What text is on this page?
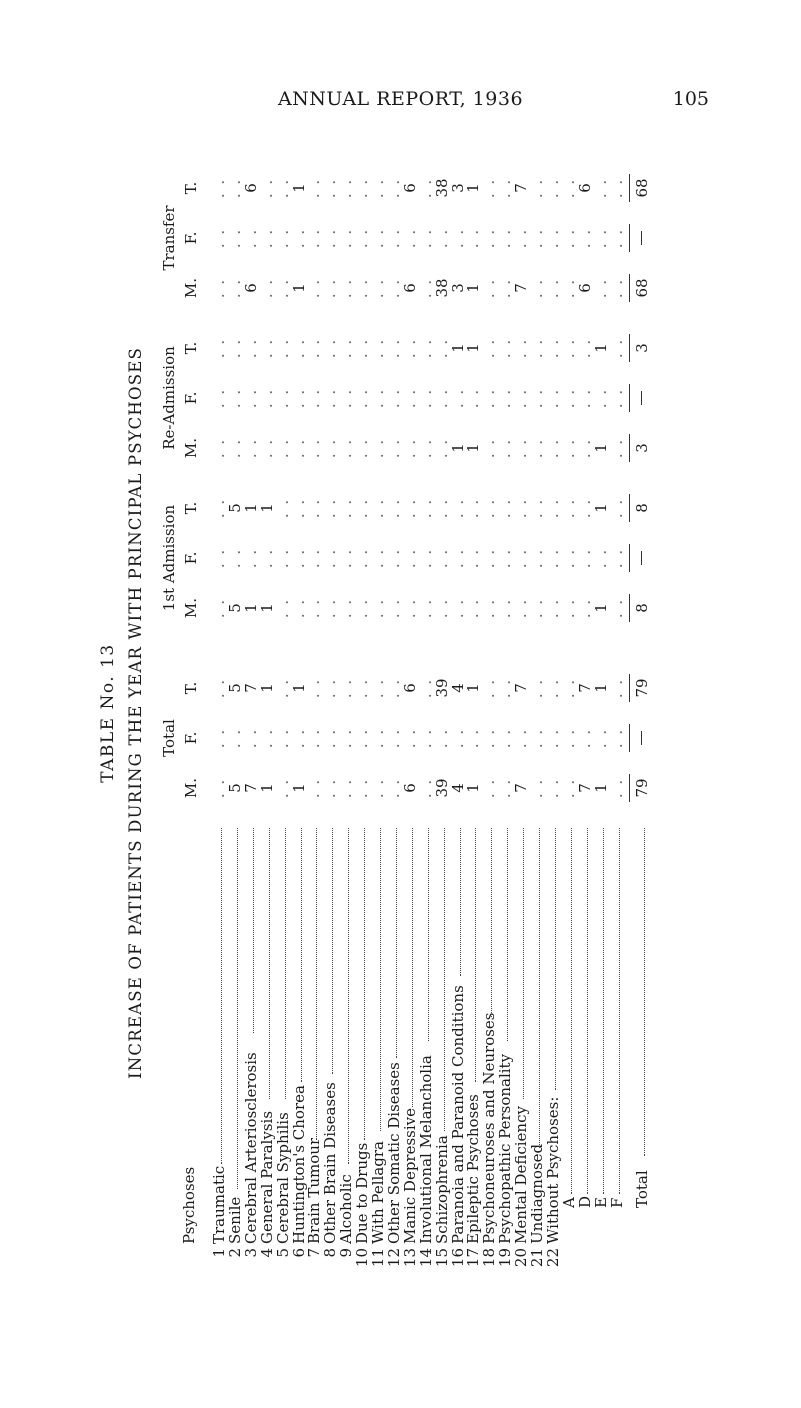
ANNUAL REPORT, 1936	105
TABLE No. 13 INCREASE OF PATIENTS DURING THE YEAR WITH PRINCIPAL PSYCHOSES
Psychoses
Total
1st Admission
Re-Admission
Transfer
M.
F.
T.
M.
F.
T.
M.
F.
T.
M.
F.
T.
1
Traumatic
. .
. .
. .
. .
. .
. .
. .
. .
. .
. .
. .
. .
2
Senile
5
. .
5
5
. .
5
. .
. .
. .
. .
. .
. .
3
Cerebral Arteriosclerosis
7
. .
7
1
. .
1
. .
. .
. .
6
. .
6
4
General Paralysis
1
. .
1
1
. .
1
. .
. .
. .
. .
. .
. .
5
Cerebral Syphilis
. .
. .
. .
. .
. .
. .
. .
. .
. .
. .
. .
. .
6
Huntington's Chorea
1
. .
1
. .
. .
. .
. .
. .
. .
1
. .
1
7
Brain Tumour
. .
. .
. .
. .
. .
. .
. .
. .
. .
. .
. .
. .
8
Other Brain Diseases
. .
. .
. .
. .
. .
. .
. .
. .
. .
. .
. .
. .
9
Alcoholic
. .
. .
. .
. .
. .
. .
. .
. .
. .
. .
. .
. .
10
Due to Drugs
. .
. .
. .
. .
. .
. .
. .
. .
. .
. .
. .
. .
11
With Pellagra
. .
. .
. .
. .
. .
. .
. .
. .
. .
. .
. .
. .
12
Other Somatic Diseases
. .
. .
. .
. .
. .
. .
. .
. .
. .
. .
. .
. .
13
Manic Depressive
6
. .
6
. .
. .
. .
. .
. .
. .
6
. .
6
14
Involutional Melancholia
. .
. .
. .
. .
. .
. .
. .
. .
. .
. .
. .
. .
15
Schizophrenia
39
. .
39
. .
. .
. .
. .
. .
. .
38
. .
38
16
Paranoia and Paranoid Conditions
4
. .
4
. .
. .
. .
1
. .
1
3
. .
3
17
Epileptic Psychoses
1
. .
1
. .
. .
. .
1
. .
1
1
. .
1
18
Psychoneuroses and Neuroses
. .
. .
. .
. .
. .
. .
. .
. .
. .
. .
. .
. .
19
Psychopathic Personality
. .
. .
. .
. .
. .
. .
. .
. .
. .
. .
. .
. .
20
Mental Deficiency
7
. .
7
. .
. .
. .
. .
. .
. .
7
. .
7
21
Undiagnosed
. .
. .
. .
. .
. .
. .
. .
. .
. .
. .
. .
. .
22
Without Psychoses:
. .
. .
. .
. .
. .
. .
. .
. .
. .
. .
. .
. .
A
. .
. .
. .
. .
. .
. .
. .
. .
. .
. .
. .
. .
D
7
. .
7
. .
. .
. .
. .
. .
. .
6
. .
6
E
1
. .
1
1
. .
1
1
. .
1
. .
. .
. .
F
. .
. .
. .
. .
. .
. .
. .
. .
. .
. .
. .
. .
Total
79
79
8
8
3
3
68
68
